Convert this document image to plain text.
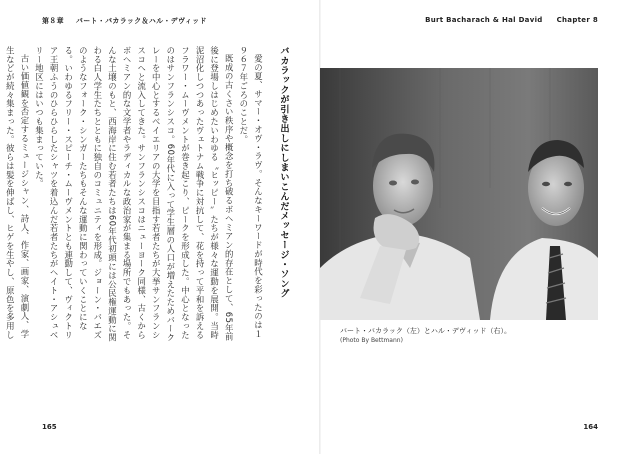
第８章 バート・バカラック＆ハル・デヴィッド	Burt Bacharach & Hal David Chapter 8
バカラックが引き出しにしまいこんだメッセージ・ソング

愛の夏、サマー・オヴ・ラヴ。そんなキーワードが時代を彩ったのは１９６７年ごろのことだ。

既成の古くさい秩序や概念を打ち破るボヘミアン的存在として、65年前後に登場しはじめたいわゆる〝ヒッピー〟たちが様々な運動を展開。当時泥沼化しつつあったヴェトナム戦争に対抗して、花を持って平和を訴えるフラワー・ムーヴメントが巻き起こり、ピークを形成した。中心となったのはサンフランシスコ。60年代に入って学生層の人口が増えたためバークレーを中心とするベイエリアの大学を目指す若者たちが大挙サンフランシスコへと流入してきた。サンフランシスコはニューヨーク同様、古くからボヘミアン的な文学者やラディカルな政治家が集まる場所でもあった。そんな土壌のもと、西海岸に住む若者たちは60年代初頭には公民権運動に関わる白人学生たちとともに独自のコミュニティを形成。ジョーン・バエズのようなフォーク・シンガーたちもそんな運動に関わっていくことになる。いわゆるフリー・スピーチ・ムーヴメントとも連動して、ヴィクトリア王朝ふうのひらひらしたシャツを着込んだ若者たちがヘイト・アシュベリー地区にはいつも集まっていた。

古い価値観を否定するミュージシャン、詩人、作家、画家、演劇人、学生などが続々集まった。彼らは髪を伸ばし、ヒゲを生やし、原色を多用し	バート・バカラック（左）とハル・デヴィッド（右）。
(Photo By Bettmann)
165	164
